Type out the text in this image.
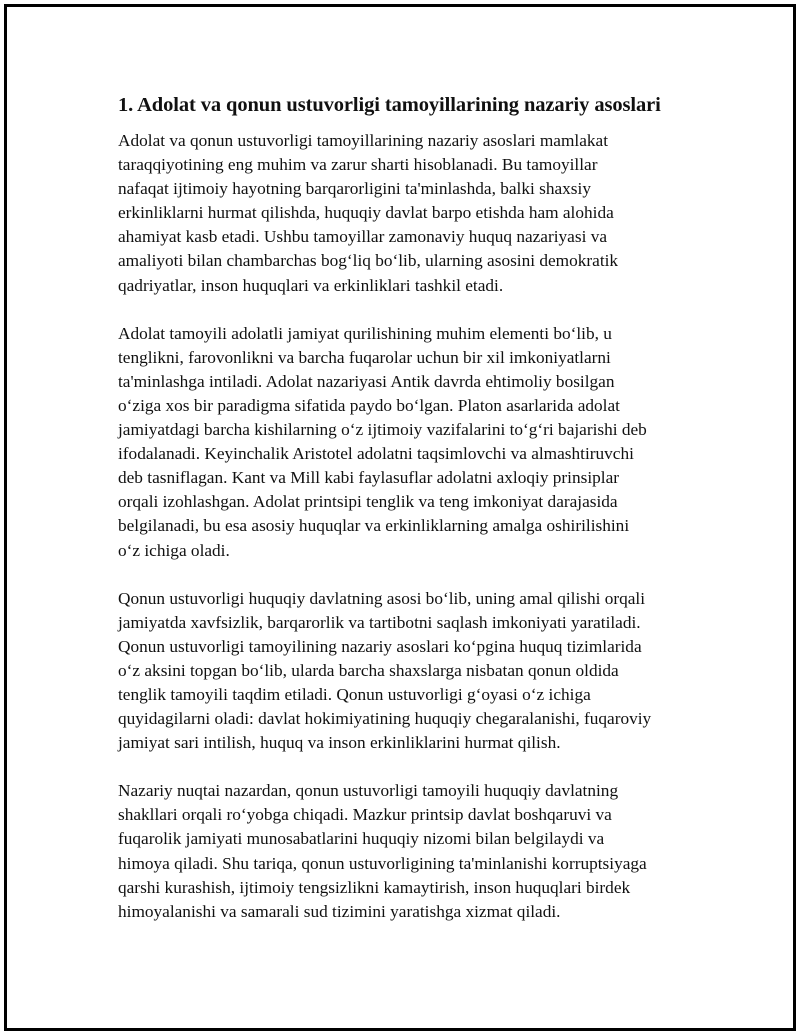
1. Adolat va qonun ustuvorligi tamoyillarining nazariy asoslari

Adolat va qonun ustuvorligi tamoyillarining nazariy asoslari mamlakat
taraqqiyotining eng muhim va zarur sharti hisoblanadi. Bu tamoyillar
nafaqat ijtimoiy hayotning barqarorligini ta'minlashda, balki shaxsiy
erkinliklarni hurmat qilishda, huquqiy davlat barpo etishda ham alohida
ahamiyat kasb etadi. Ushbu tamoyillar zamonaviy huquq nazariyasi va
amaliyoti bilan chambarchas bog‘liq bo‘lib, ularning asosini demokratik
qadriyatlar, inson huquqlari va erkinliklari tashkil etadi.

Adolat tamoyili adolatli jamiyat qurilishining muhim elementi bo‘lib, u
tenglikni, farovonlikni va barcha fuqarolar uchun bir xil imkoniyatlarni
ta'minlashga intiladi. Adolat nazariyasi Antik davrda ehtimoliy bosilgan
o‘ziga xos bir paradigma sifatida paydo bo‘lgan. Platon asarlarida adolat
jamiyatdagi barcha kishilarning o‘z ijtimoiy vazifalarini to‘g‘ri bajarishi deb
ifodalanadi. Keyinchalik Aristotel adolatni taqsimlovchi va almashtiruvchi
deb tasniflagan. Kant va Mill kabi faylasuflar adolatni axloqiy prinsiplar
orqali izohlashgan. Adolat printsipi tenglik va teng imkoniyat darajasida
belgilanadi, bu esa asosiy huquqlar va erkinliklarning amalga oshirilishini
o‘z ichiga oladi.

Qonun ustuvorligi huquqiy davlatning asosi bo‘lib, uning amal qilishi orqali
jamiyatda xavfsizlik, barqarorlik va tartibotni saqlash imkoniyati yaratiladi.
Qonun ustuvorligi tamoyilining nazariy asoslari ko‘pgina huquq tizimlarida
o‘z aksini topgan bo‘lib, ularda barcha shaxslarga nisbatan qonun oldida
tenglik tamoyili taqdim etiladi. Qonun ustuvorligi g‘oyasi o‘z ichiga
quyidagilarni oladi: davlat hokimiyatining huquqiy chegaralanishi, fuqaroviy
jamiyat sari intilish, huquq va inson erkinliklarini hurmat qilish.

Nazariy nuqtai nazardan, qonun ustuvorligi tamoyili huquqiy davlatning
shakllari orqali ro‘yobga chiqadi. Mazkur printsip davlat boshqaruvi va
fuqarolik jamiyati munosabatlarini huquqiy nizomi bilan belgilaydi va
himoya qiladi. Shu tariqa, qonun ustuvorligining ta'minlanishi korruptsiyaga
qarshi kurashish, ijtimoiy tengsizlikni kamaytirish, inson huquqlari birdek
himoyalanishi va samarali sud tizimini yaratishga xizmat qiladi.
